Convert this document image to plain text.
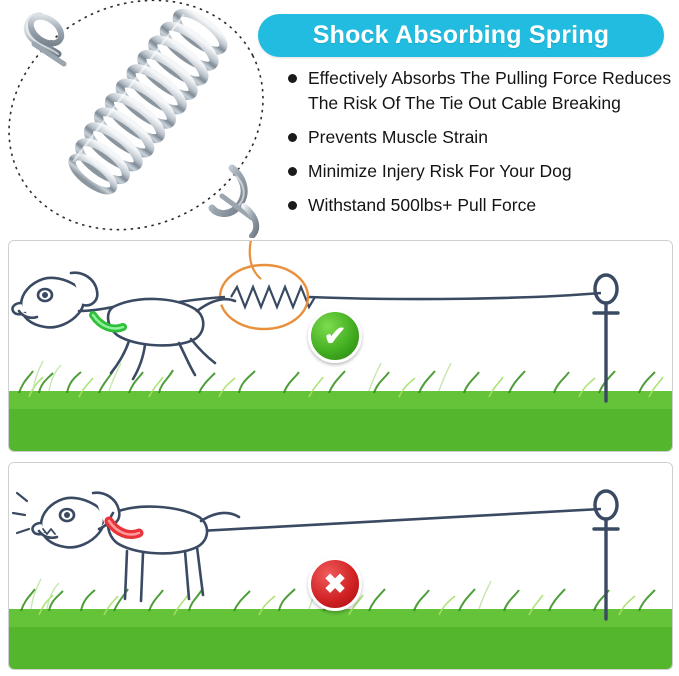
Shock Absorbing Spring
Effectively Absorbs The Pulling Force Reduces The Risk Of The Tie Out Cable Breaking
Prevents Muscle Strain
Minimize Injery Risk For Your Dog
Withstand 500lbs+ Pull Force
✔
✖
